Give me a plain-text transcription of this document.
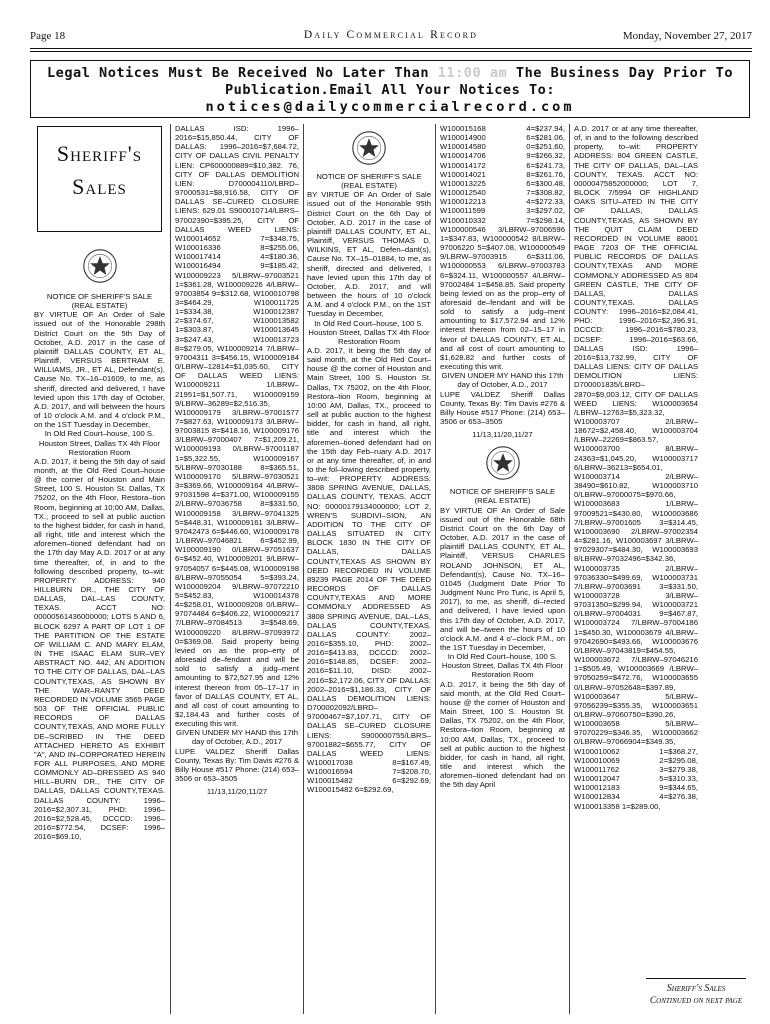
Page 18	Daily Commercial Record	Monday, November 27, 2017
Legal Notices Must Be Received No Later Than 11:00 am The Business Day Prior To
Publication.Email All Your Notices To:
notices@dailycommercialrecord.com
Sheriff's Sales

NOTICE OF SHERIFF'S SALE

(REAL ESTATE)

BY VIRTUE OF An Order of Sale issued out of the Honorable 298th District Court on the 5th Day of October, A.D. 2017 in the case of plaintiff DALLAS COUNTY, ET AL, Plaintiff, VERSUS BERTRAM E. WILLIAMS, JR., ET AL, Defendant(s), Cause No. TX–16–01609, to me, as sheriff, directed and delivered, I have levied upon this 17th day of October, A.D. 2017, and will between the hours of 10 o'clock A.M. and 4 o'clock P.M., on the 1ST Tuesday in December,

In Old Red Court–house, 100 S. Houston Street, Dallas TX 4th Floor Restoration Room

A.D. 2017, it being the 5th day of said month, at the Old Red Court–house @ the corner of Houston and Main Street, 100 S. Houston St. Dallas, TX 75202, on the 4th Floor, Restora–tion Room, beginning at 10:00 AM, Dallas, TX., proceed to sell at public auction to the highest bidder, for cash in hand, all right, title and interest which the aforemen–tioned defendant had on the 17th day May A.D. 2017 or at any time thereafter, of, in and to the following described property, to–wit: PROPERTY ADDRESS: 940 HILLBURN DR., THE CITY OF DALLAS, DAL–LAS COUNTY, TEXAS. ACCT NO: 00000561436000000; LOTS 5 AND 6, BLOCK 6297 A PART OF LOT 1 OF THE PARTITION OF THE ESTATE OF WILLIAM C. AND MARY ELAM, IN THE ISAAC ELAM SUR–VEY ABSTRACT NO. 442, AN ADDITION TO THE CITY OF DALLAS, DAL–LAS COUNTY,TEXAS, AS SHOWN BY THE WAR–RANTY DEED RECORDED IN VOLUME 3565 PAGE 503 OF THE OFFICIAL PUBLIC RECORDS OF DALLAS COUNTY,TEXAS, AND MORE FULLY DE–SCRIBED IN THE DEED ATTACHED HERETO AS EXHIBIT "A", AND IN–CORPORATED HEREIN FOR ALL PURPOSES, AND MORE COMMONLY AD–DRESSED AS 940 HILL–BURN DR., THE CITY OF DALLAS, DALLAS COUNTY,TEXAS. DALLAS COUNTY: 1996–2016=$2,307.31, PHD: 1996–2016=$2,528.45, DCCCD: 1996–2016=$772.54, DCSEF: 1996–2016=$69.10,

DALLAS ISD: 1996–2016=$15,850.44, CITY OF DALLAS: 1996–2016=$7,684.72, CITY OF DALLAS CIVIL PENALTY LIEN: CP600000889=$10,382. 76, CITY OF DALLAS DEMOLITION LIEN: D700004110/LBRD–97000531=$8,916.58, CITY OF DALLAS SE–CURED CLOSURE LIENS: 629.01 S900010714/LBRS–97002390=$395.25, CITY OF DALLAS WEED LIENS: W100014652 7=$348.75, W100016336 8=$255.06, W100017414 4=$180.36, W100016494 9=$185.42, W100009223 5/LBRW–97003521 1=$361.28, W100009226 4/LBRW–97003854 9=$312.68, W100010798 3=$464.29, W100011725 1=$334.38, W100012387 2=$374.67, W100013582 1=$303.87, W100013645 3=$247.43, W100013723 8=$279.05, W100009214 7/LBRW–97004311 3=$456.15, W100009184 0/LBRW–12814=$1,035.60, CITY OF DALLAS WEED LIENS: W100009211 1/LBRW–21951=$1,507.71, W100009159 9/LBRW–36289=$2,516.35, W100009179 3/LBRW–97001577 7=$827.63, W100009173 3/LBRW–97003815 8=$418.16, W100009176 3/LBRW–97000407 7=$1,209.21, W100009193 0/LBRW–97001187 1=$5,322.55, W100009167 5/LBRW–97030188 8=$365.51, W100009170 5/LBRW–97030521 3=$369.66, W100009164 4/LBRW–97031598 4=$371.00, W100009155 2/LBRW–97036758 8=$331.50, W100009158 3/LBRW–97041325 5=$448.31, W100009161 3/LBRW–97042473 6=$446.60, W100009178 1/LBRW–97046821 6=$452.99, W100009190 0/LBRW–97051637 6=$452.40, W100009201 9/LBRW–97054057 6=$445.08, W100009198 8/LBRW–97055054 5=$393.24, W100009204 9/LBRW–97072210 5=$452.83, W100014378 4=$258.01, W100009208 0/LBRW–97074484 6=$406.22, W100009217 7/LBRW–97084513 3=$548.69, W100009220 8/LBRW–97093972 0=$369.08. Said property being levied on as the prop–erty of aforesaid de–fendant and will be sold to satisfy a judg–ment amounting to $72,527.95 and 12% interest thereon from 05–17–17 in favor of DALLAS COUNTY, ET AL, and all cost of court amounting to $2,184.43 and further costs of executing this writ.

GIVEN UNDER MY HAND this 17th day of October, A.D., 2017

LUPE VALDEZ Sheriff Dallas County, Texas By: Tim Davis #276 & Billy House #517 Phone: (214) 653–3506 or 653–3505

11/13,11/20,11/27

NOTICE OF SHERIFF'S SALE

(REAL ESTATE)

BY VIRTUE OF An Order of Sale issued out of the Honorable 95th District Court on the 6th Day of October, A.D. 2017 in the case of plaintiff DALLAS COUNTY, ET AL, Plaintiff, VERSUS THOMAS D. WILKINS, ET AL, Defen–dant(s), Cause No. TX–15–01884, to me, as sheriff, directed and delivered, I have levied upon this 17th day of October, A.D. 2017, and will between the hours of 10 o'clock A.M. and 4 o'clock P.M., on the 1ST Tuesday in December,

In Old Red Court–house, 100 S. Houston Street, Dallas TX 4th Floor Restoration Room

A.D. 2017, it being the 5th day of said month, at the Old Red Court–house @ the corner of Houston and Main Street, 100 S. Houston St. Dallas, TX 75202, on the 4th Floor, Restora–tion Room, beginning at 10:00 AM, Dallas, TX., proceed to sell at public auction to the highest bidder, for cash in hand, all right, title and interest which the aforemen–tioned defendant had on the 15th day Feb–ruary A.D. 2017 or at any time thereafter, of, in and to the fol–lowing described property, to–wit: PROPERTY ADDRESS: 3808 SPRING AVENUE, DALLAS, DALLAS COUNTY, TEXAS. ACCT NO: 00000179134000000; LOT 2, WREN'S SUBDIVI–SION, AN ADDITION TO THE CITY OF DALLAS SITUATED IN CITY BLOCK 1830 IN THE CITY OF DALLAS, DALLAS COUNTY,TEXAS AS SHOWN BY DEED RECORDED IN VOLUME 89239 PAGE 2014 OF THE DEED RECORDS OF DALLAS COUNTY,TEXAS AND MORE COMMONLY ADDRESSED AS 3808 SPRING AVENUE, DAL–LAS, DALLAS COUNTY,TEXAS. DALLAS COUNTY: 2002–2016=$355.10, PHD: 2002–2016=$413.83, DCCCD: 2002–2016=$148.85, DCSEF: 2002–2016=$11.10, DISD: 2002–2016=$2,172.06, CITY OF DALLAS: 2002–2016=$1,186.33, CITY OF DALLAS DEMOLITION LIENS: D700002092/LBRD–97000467=$7,107.71, CITY OF DALLAS SE–CURED CLOSURE LIENS: S900000755/LBRS–97001882=$655.77, CITY OF DALLAS WEED LIENS: W100017038 8=$167.49, W100016594 7=$208.70, W100015482 6=$292.69, W100015482 6=$292.69,

W100015168 4=$237.94, W100014900 6=$281.06, W100014580 0=$251.60, W100014706 9=$266.32, W100014172 6=$241.73, W100014021 8=$261.76, W100013225 6=$300.48, W100012540 7=$308.82, W100012213 4=$272.33, W100011599 3=$297.02, W100010332 7=$298.14, W100000546 3/LBRW–97006596 1=$347.83, W100000542 8/LBRW–97006220 5=$407.08, W100000549 9/LBRW–97003915 6=$311.06, W100000553 6/LBRW–97003783 6=$324.11, W100000557 4/LBRW–97002484 1=$458.85. Said property being levied on as the prop–erty of aforesaid de–fendant and will be sold to satisfy a judg–ment amounting to $17,572.94 and 12% interest thereon from 02–15–17 in favor of DALLAS COUNTY, ET AL, and all cost of court amounting to $1,628.82 and further costs of executing this writ.

GIVEN UNDER MY HAND this 17th day of October, A.D., 2017

LUPE VALDEZ Sheriff Dallas County, Texas By: Tim Davis #276 & Billy House #517 Phone: (214) 653–3506 or 653–3505

11/13,11/20,11/27

NOTICE OF SHERIFF'S SALE

(REAL ESTATE)

BY VIRTUE OF An Order of Sale issued out of the Honorable 68th District Court on the 6th Day of October, A.D. 2017 in the case of plaintiff DALLAS COUNTY, ET AL, Plaintiff, VERSUS CHARLES ROLAND JOHNSON, ET AL, Defendant(s), Cause No. TX–16–01045 (Judgment Date Prior To Judgment Nunc Pro Tunc, is April 5, 2017), to me, as sheriff, di–rected and delivered, I have levied upon this 17th day of October, A.D. 2017, and will be–tween the hours of 10 o'clock A.M. and 4 o'–clock P.M., on the 1ST Tuesday in December,

In Old Red Court–house, 100 S. Houston Street, Dallas TX 4th Floor Restoration Room

A.D. 2017, it being the 5th day of said month, at the Old Red Court–house @ the corner of Houston and Main Street, 100 S. Houston St. Dallas, TX 75202, on the 4th Floor, Restora–tion Room, beginning at 10:00 AM, Dallas, TX., proceed to sell at public auction to the highest bidder, for cash in hand, all right, title and interest which the aforemen–tioned defendant had on the 5th day April

A.D. 2017 or at any time thereafter, of, in and to the following described property, to–wit: PROPERTY ADDRESS: 804 GREEN CASTLE, THE CITY OF DALLAS, DAL–LAS COUNTY, TEXAS. ACCT NO: 00000475852000000; LOT 7, BLOCK 7/5994 OF HIGHLAND OAKS SITU–ATED IN THE CITY OF DALLAS, DALLAS COUNTY,TEXAS, AS SHOWN BY THE QUIT CLAIM DEED RECORDED IN VOLUME 88001 PAGE 7203 OF THE OFFICIAL PUBLIC RECORDS OF DALLAS COUNTY,TEXAS AND MORE COMMONLY ADDRESSED AS 804 GREEN CASTLE, THE CITY OF DALLAS, DALLAS COUNTY,TEXAS. DALLAS COUNTY: 1996–2016=$2,084.41, PHD: 1996–2016=$2,396.91, DCCCD: 1996–2016=$780.23, DCSEF: 1996–2016=$63.66, DALLAS ISD: 1996–2016=$13,732.99, CITY OF DALLAS LIENS: CITY OF DALLAS DEMOLITION LIENS: D700001835/LBRD–2870=$9,003.12, CITY OF DALLAS WEED LIENS: W100003654 /LBRW–12763=$5,323.32, W100003707 2/LBRW–18672=$2,458.40, W100003704 /LBRW–22269=$863.57, W100003700 8/LBRW–24363=$1,045.20, W100003717 6/LBRW–36213=$654.01, W100003714 2/LBRW–38490=$610.82, W100003710 0/LBRW–97000075=$970.66, W100003683 1/LBRW–97009521=$430.80, W100003686 7/LBRW–97001605 3=$314.45, W100003690 2/LBRW–97002354 4=$281.16, W100003697 3/LBRW–97029307=$484.30, W100003693 8/LBRW–97032496=$342.36, W100003735 2/LBRW–97036330=$499.69, W100003731 7/LBRW–97003691 3=$331.50, W100003728 3/LBRW–97031350=$299.94, W100003721 0/LBRW–97004031 9=$467.87, W100003724 7/LBRW–97004186 1=$450.30, W100003679 4/LBRW–97042690=$493.66, W100003676 0/LBRW–97043819=$454.55, W100003672 7/LBRW–97046216 1=$505.49, W100003669 /LBRW–97050259=$472.76, W100003655 0/LBRW–97052648=$397.89, W100003647 5/LBRW–97056239=$355.35, W100003651 0/LBRW–97060750=$390.26, W100003658 5/LBRW–97070229=$346.35, W100003662 0/LBRW–97066904=$349.35, W100010062 1=$368.27, W100010069 2=$295.08, W100011762 3=$279.38, W100012047 5=$310.33, W100012183 9=$344.65, W100012834 4=$276.38, W100013358 1=$289.00,

Sheriff's Sales
Continued on next page
